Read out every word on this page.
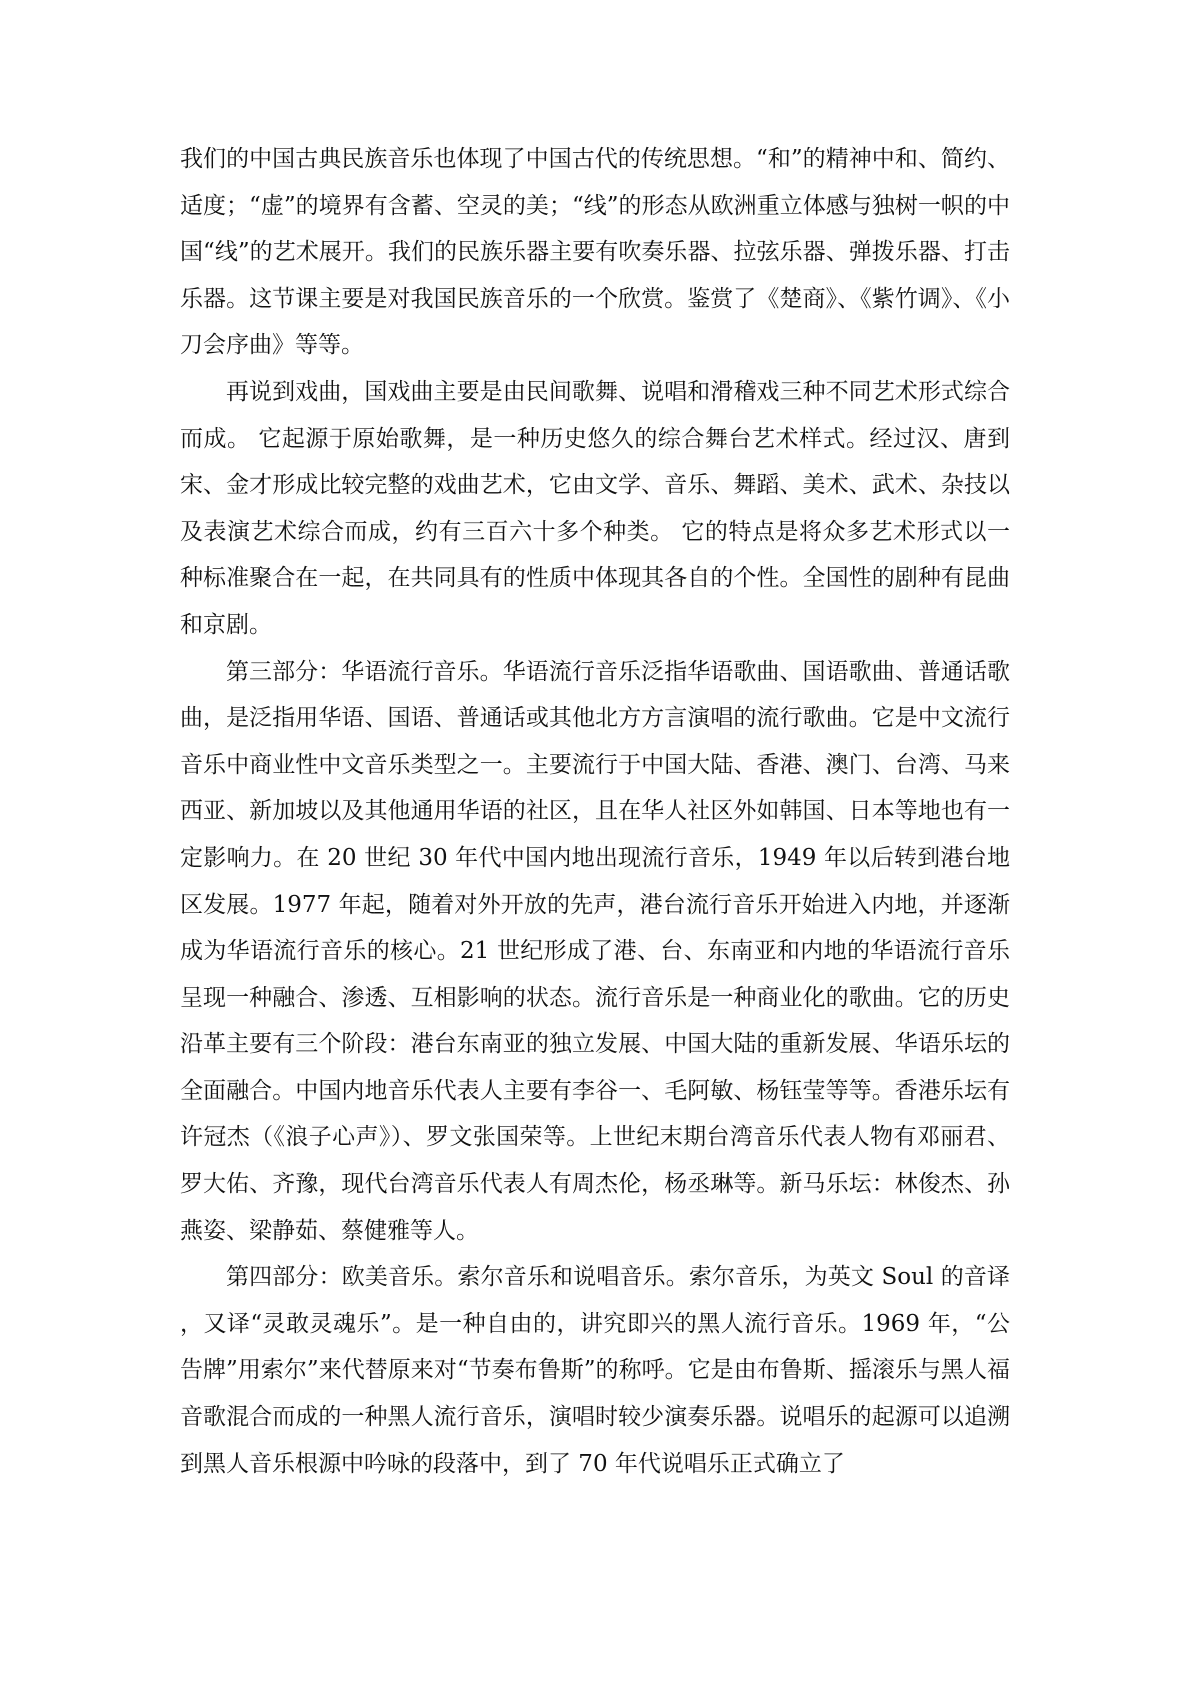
我们的中国古典民族音乐也体现了中国古代的传统思想。“和”的精神中和、简约、适度；“虚”的境界有含蓄、空灵的美；“线”的形态从欧洲重立体感与独树一帜的中国“线”的艺术展开。我们的民族乐器主要有吹奏乐器、拉弦乐器、弹拨乐器、打击乐器。这节课主要是对我国民族音乐的一个欣赏。鉴赏了《楚商》、《紫竹调》、《小刀会序曲》等等。

再说到戏曲，国戏曲主要是由民间歌舞、说唱和滑稽戏三种不同艺术形式综合而成。 它起源于原始歌舞，是一种历史悠久的综合舞台艺术样式。经过汉、唐到宋、金才形成比较完整的戏曲艺术，它由文学、音乐、舞蹈、美术、武术、杂技以及表演艺术综合而成，约有三百六十多个种类。 它的特点是将众多艺术形式以一种标准聚合在一起，在共同具有的性质中体现其各自的个性。全国性的剧种有昆曲和京剧。

第三部分：华语流行音乐。华语流行音乐泛指华语歌曲、国语歌曲、普通话歌曲，是泛指用华语、国语、普通话或其他北方方言演唱的流行歌曲。它是中文流行音乐中商业性中文音乐类型之一。主要流行于中国大陆、香港、澳门、台湾、马来西亚、新加坡以及其他通用华语的社区，且在华人社区外如韩国、日本等地也有一定影响力。在 20 世纪 30 年代中国内地出现流行音乐，1949 年以后转到港台地区发展。1977 年起，随着对外开放的先声，港台流行音乐开始进入内地，并逐渐成为华语流行音乐的核心。21 世纪形成了港、台、东南亚和内地的华语流行音乐呈现一种融合、渗透、互相影响的状态。流行音乐是一种商业化的歌曲。它的历史沿革主要有三个阶段：港台东南亚的独立发展、中国大陆的重新发展、华语乐坛的全面融合。中国内地音乐代表人主要有李谷一、毛阿敏、杨钰莹等等。香港乐坛有许冠杰（《浪子心声》）、罗文张国荣等。上世纪末期台湾音乐代表人物有邓丽君、罗大佑、齐豫，现代台湾音乐代表人有周杰伦，杨丞琳等。新马乐坛：林俊杰、孙燕姿、梁静茹、蔡健雅等人。

第四部分：欧美音乐。索尔音乐和说唱音乐。索尔音乐，为英文 Soul 的音译，又译“灵敢灵魂乐”。是一种自由的，讲究即兴的黑人流行音乐。1969 年，“公告牌”用索尔”来代替原来对“节奏布鲁斯”的称呼。它是由布鲁斯、摇滚乐与黑人福音歌混合而成的一种黑人流行音乐，演唱时较少演奏乐器。说唱乐的起源可以追溯到黑人音乐根源中吟咏的段落中，到了 70 年代说唱乐正式确立了
